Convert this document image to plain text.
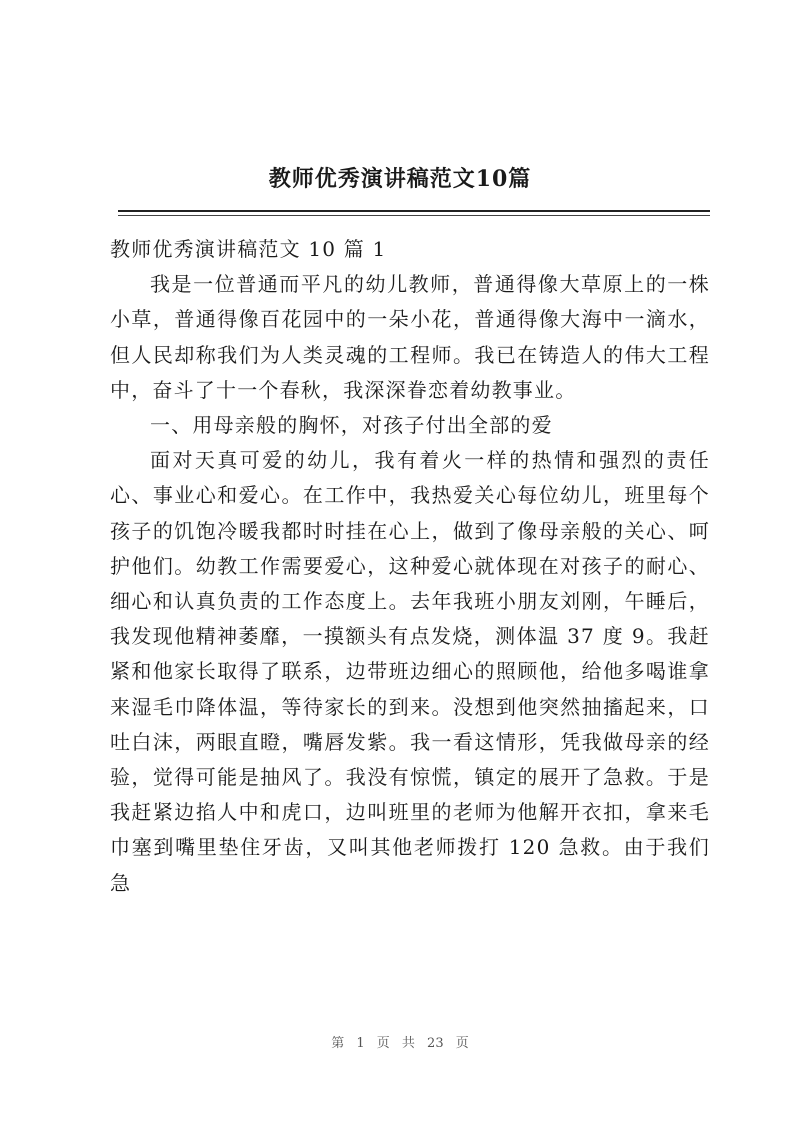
教师优秀演讲稿范文10篇

教师优秀演讲稿范文 10 篇 1

我是一位普通而平凡的幼儿教师，普通得像大草原上的一株小草，普通得像百花园中的一朵小花，普通得像大海中一滴水，但人民却称我们为人类灵魂的工程师。我已在铸造人的伟大工程中，奋斗了十一个春秋，我深深眷恋着幼教事业。

一、用母亲般的胸怀，对孩子付出全部的爱

面对天真可爱的幼儿，我有着火一样的热情和强烈的责任心、事业心和爱心。在工作中，我热爱关心每位幼儿，班里每个孩子的饥饱冷暖我都时时挂在心上，做到了像母亲般的关心、呵护他们。幼教工作需要爱心，这种爱心就体现在对孩子的耐心、细心和认真负责的工作态度上。去年我班小朋友刘刚，午睡后，我发现他精神萎靡，一摸额头有点发烧，测体温 37 度 9。我赶紧和他家长取得了联系，边带班边细心的照顾他，给他多喝谁拿来湿毛巾降体温，等待家长的到来。没想到他突然抽搐起来，口吐白沫，两眼直瞪，嘴唇发紫。我一看这情形，凭我做母亲的经验，觉得可能是抽风了。我没有惊慌，镇定的展开了急救。于是我赶紧边掐人中和虎口，边叫班里的老师为他解开衣扣，拿来毛巾塞到嘴里垫住牙齿，又叫其他老师拨打 120 急救。由于我们急

第 1 页 共 23 页
